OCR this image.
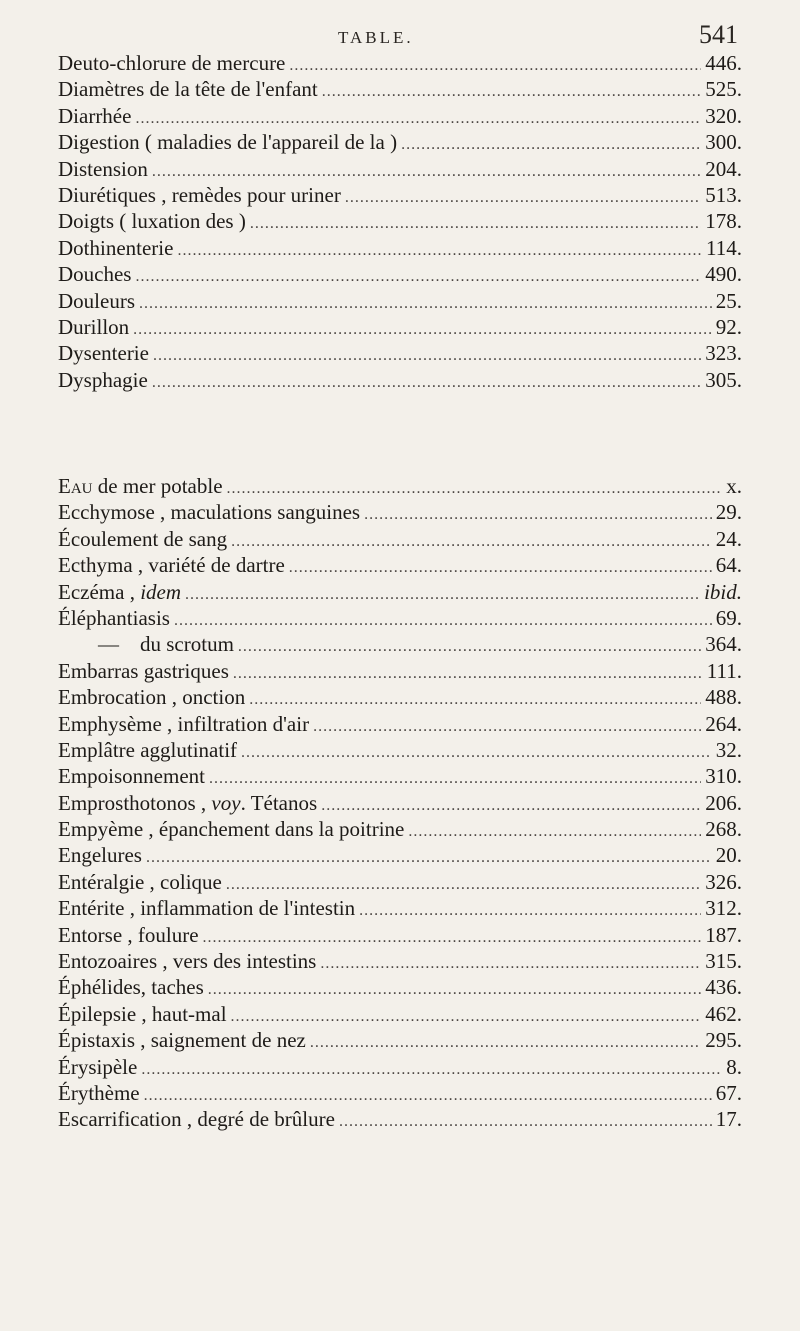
TABLE.	541
Deuto-chlorure de mercure . . .	446.
Diamètres de la tête de l'enfant . . .	525.
Diarrhée . . .	320.
Digestion ( maladies de l'appareil de la ) . . .	300.
Distension . . .	204.
Diurétiques , remèdes pour uriner . . .	513.
Doigts ( luxation des ) . . .	178.
Dothinenterie . . .	114.
Douches . . .	490.
Douleurs . . .	25.
Durillon . . .	92.
Dysenterie . . .	323.
Dysphagie . . .	305.
Eau de mer potable . . .	x.
Ecchymose , maculations sanguines . . .	29.
Écoulement de sang . . .	24.
Ecthyma , variété de dartre . . .	64.
Eczéma , idem . . .	ibid.
Éléphantiasis . . .	69.
—    du scrotum . . .	364.
Embarras gastriques . . .	111.
Embrocation , onction . . .	488.
Emphysème , infiltration d'air . . .	264.
Emplâtre agglutinatif . . .	32.
Empoisonnement . . .	310.
Emprosthotonos , voy. Tétanos . . .	206.
Empyème , épanchement dans la poitrine . . .	268.
Engelures . . .	20.
Entéralgie , colique . . .	326.
Entérite , inflammation de l'intestin . . .	312.
Entorse , foulure . . .	187.
Entozoaires , vers des intestins . . .	315.
Éphélides, taches . . .	436.
Épilepsie , haut-mal . . .	462.
Épistaxis , saignement de nez . . .	295.
Érysipèle . . .	8.
Érythème . . .	67.
Escarrification , degré de brûlure . . .	17.
